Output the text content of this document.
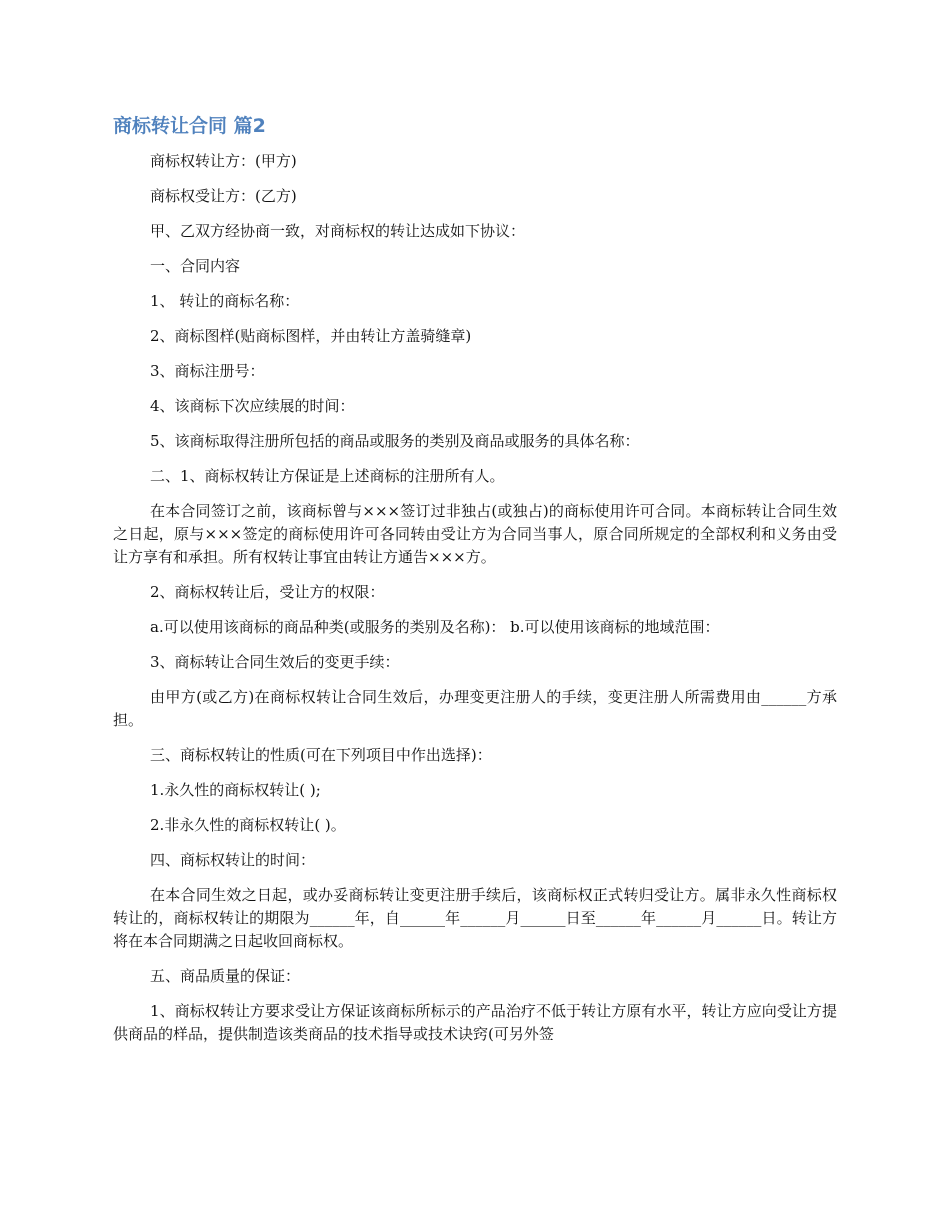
商标转让合同 篇2

商标权转让方：(甲方)

商标权受让方：(乙方)

甲、乙双方经协商一致，对商标权的转让达成如下协议：

一、合同内容

1、 转让的商标名称：

2、商标图样(贴商标图样，并由转让方盖骑缝章)

3、商标注册号：

4、该商标下次应续展的时间：

5、该商标取得注册所包括的商品或服务的类别及商品或服务的具体名称：

二、1、商标权转让方保证是上述商标的注册所有人。

在本合同签订之前，该商标曾与×××签订过非独占(或独占)的商标使用许可合同。本商标转让合同生效之日起，原与×××签定的商标使用许可各同转由受让方为合同当事人，原合同所规定的全部权利和义务由受让方享有和承担。所有权转让事宜由转让方通告×××方。

2、商标权转让后，受让方的权限：

a.可以使用该商标的商品种类(或服务的类别及名称)： b.可以使用该商标的地域范围：

3、商标转让合同生效后的变更手续：

由甲方(或乙方)在商标权转让合同生效后，办理变更注册人的手续，变更注册人所需费用由______方承担。

三、商标权转让的性质(可在下列项目中作出选择)：

1.永久性的商标权转让( );

2.非永久性的商标权转让( )。

四、商标权转让的时间：

在本合同生效之日起，或办妥商标转让变更注册手续后，该商标权正式转归受让方。属非永久性商标权转让的，商标权转让的期限为______年，自______年______月______日至______年______月______日。转让方将在本合同期满之日起收回商标权。

五、商品质量的保证：

1、商标权转让方要求受让方保证该商标所标示的产品治疗不低于转让方原有水平，转让方应向受让方提供商品的样品，提供制造该类商品的技术指导或技术诀窍(可另外签
